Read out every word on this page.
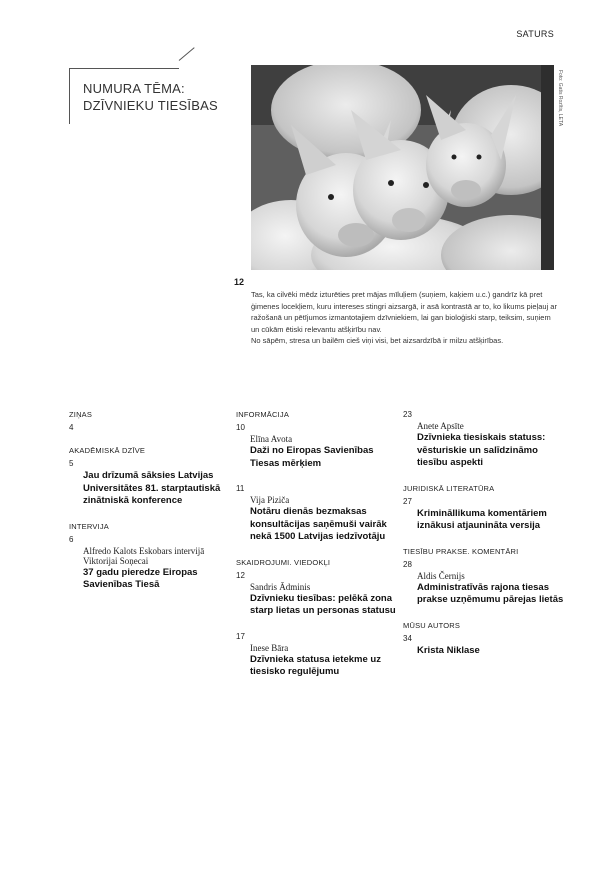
SATURS
NUMURA TĒMA:
DZĪVNIEKU TIESĪBAS	Foto: Gatis Rozītis, LETA
12

Tas, ka cilvēki mēdz izturēties pret mājas mīluļiem (suņiem, kaķiem u.c.) gandrīz kā pret ģimenes locekļiem, kuru intereses stingri aizsargā, ir asā kontrastā ar to, ko likums pieļauj ar ražošanā un pētījumos izmantotajiem dzīvniekiem, lai gan bioloģiski starp, teiksim, suņiem un cūkām ētiski relevantu atšķirību nav.

No sāpēm, stresa un bailēm cieš viņi visi, bet aizsardzībā ir milzu atšķirības.

ZIŅAS
4
AKADĒMISKĀ DZĪVE
5
Jau drīzumā sāksies Latvijas Universitātes 81. starptautiskā zinātniskā konference
INTERVIJA
6
Alfredo Kalots Eskobars intervijā Viktorijai Soņecai
37 gadu pieredze Eiropas Savienības Tiesā
INFORMĀCIJA
10
Elīna Avota
Daži no Eiropas Savienības Tiesas mērķiem
11
Vija Piziča
Notāru dienās bezmaksas konsultācijas saņēmuši vairāk nekā 1500 Latvijas iedzīvotāju
SKAIDROJUMI. VIEDOKĻI
12
Sandris Ādminis
Dzīvnieku tiesības: pelēkā zona starp lietas un personas statusu
17
Inese Bāra
Dzīvnieka statusa ietekme uz tiesisko regulējumu
23
Anete Apsīte
Dzīvnieka tiesiskais statuss: vēsturiskie un salīdzināmo tiesību aspekti
JURIDISKĀ LITERATŪRA
27
Krimināllikuma komentāriem iznākusi atjaunināta versija
TIESĪBU PRAKSE. KOMENTĀRI
28
Aldis Černijs
Administratīvās rajona tiesas prakse uzņēmumu pārejas lietās
MŪSU AUTORS
34
Krista Niklase
